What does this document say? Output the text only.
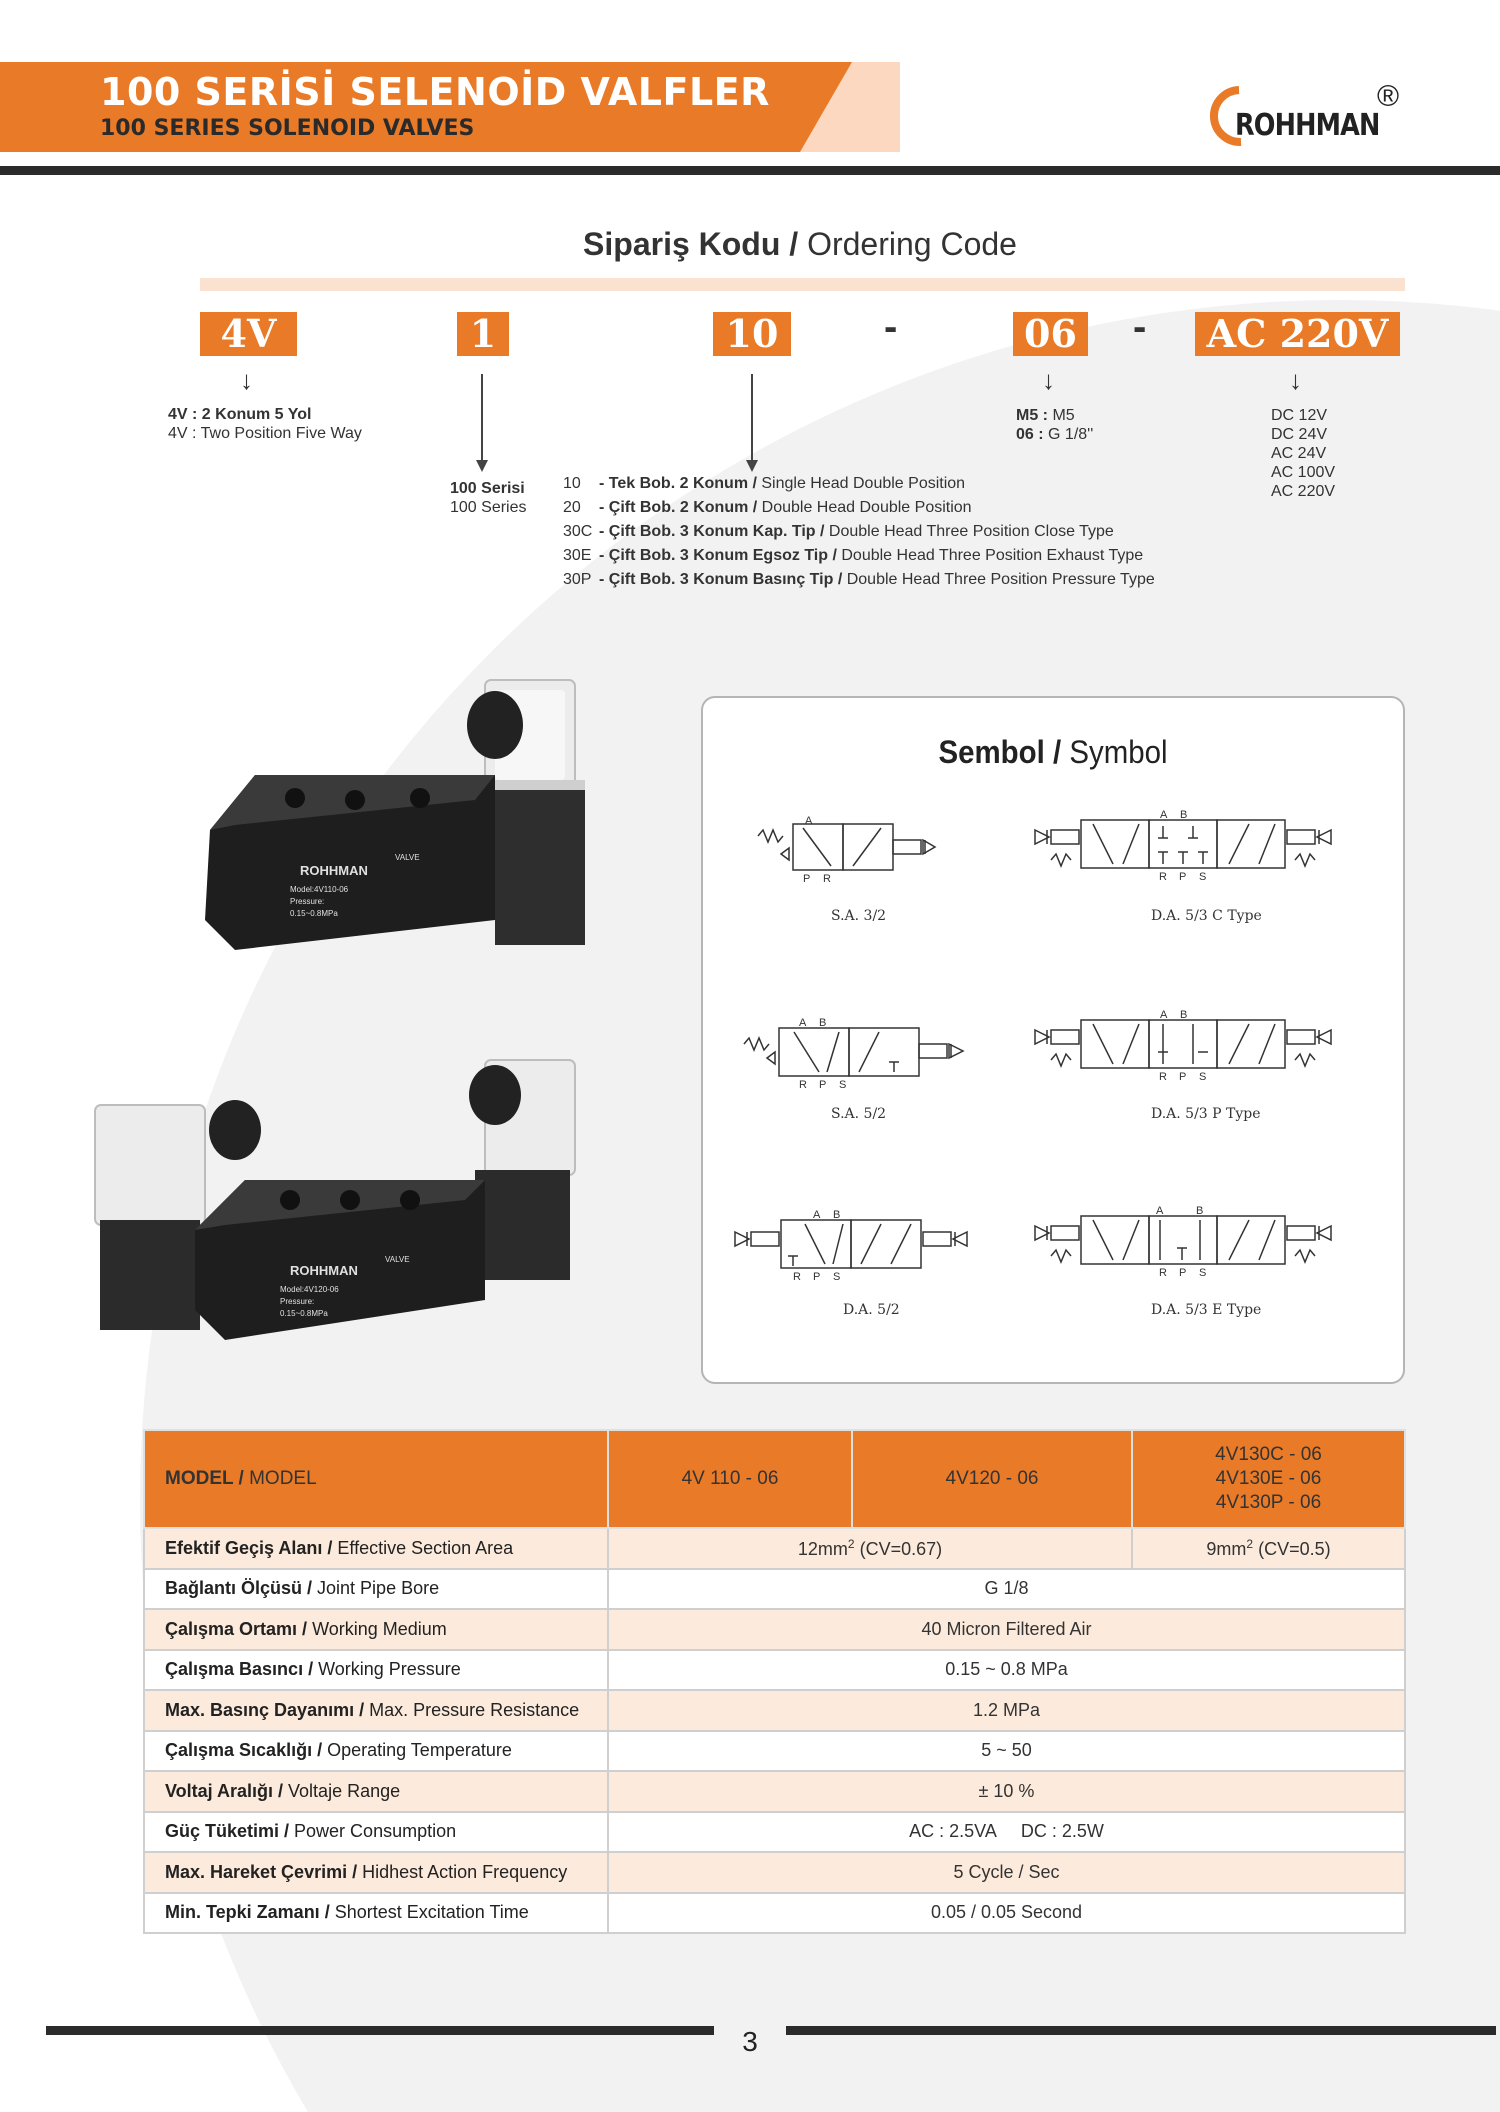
100 SERİSİ SELENOİD VALFLER
100 SERIES SOLENOID VALVES	ROHHMAN
®
Sipariş Kodu / Ordering Code
4V	1	10	-	06 -	AC 220V
↓	↓	↓
4V : 2 Konum 5 Yol
4V : Two Position Five Way
100 Serisi
100 Series
10 - Tek Bob. 2 Konum / Single Head Double Position
20 - Çift Bob. 2 Konum / Double Head Double Position
30C - Çift Bob. 3 Konum Kap. Tip / Double Head Three Position Close Type
30E - Çift Bob. 3 Konum Egsoz Tip / Double Head Three Position Exhaust Type
30P - Çift Bob. 3 Konum Basınç Tip / Double Head Three Position Pressure Type
M5 : M5
06 : G 1/8''
DC 12V
DC 24V
AC 24V
AC 100V
AC 220V
ROHHMAN
VALVE
Model:4V110-06
Pressure:
0.15~0.8MPa
ROHHMAN
VALVE
Model:4V120-06
Pressure:
0.15~0.8MPa
Sembol / Symbol
A
P R
S.A. 3/2
A B
R P S
D.A. 5/3 C Type
A B
R P S
S.A. 5/2
A B
R P S
D.A. 5/3 P Type
A B
R P S
D.A. 5/2
A	B
R P S
D.A. 5/3 E Type
MODEL / MODEL	4V 110 - 06	4V120 - 06	4V130C - 06
4V130E - 06
4V130P - 06

Efektif Geçiş Alanı / Effective Section Area	$12mm^2$ (CV=0.67)		$9mm^2$ (CV=0.5)
Bağlantı Ölçüsü / Joint Pipe Bore	G 1/8		
Çalışma Ortamı / Working Medium	40 Micron Filtered Air		
Çalışma Basıncı / Working Pressure	0.15 ~ 0.8 MPa		
Max. Basınç Dayanımı / Max. Pressure Resistance	1.2 MPa		
Çalışma Sıcaklığı / Operating Temperature	5 ~ 50		
Voltaj Aralığı / Voltaje Range	± 10 %		
Güç Tüketimi / Power Consumption	AC : 2.5VA     DC : 2.5W		
Max. Hareket Çevrimi / Hidhest Action Frequency	5 Cycle / Sec		
Min. Tepki Zamanı / Shortest Excitation Time	0.05 / 0.05 Second		
3
